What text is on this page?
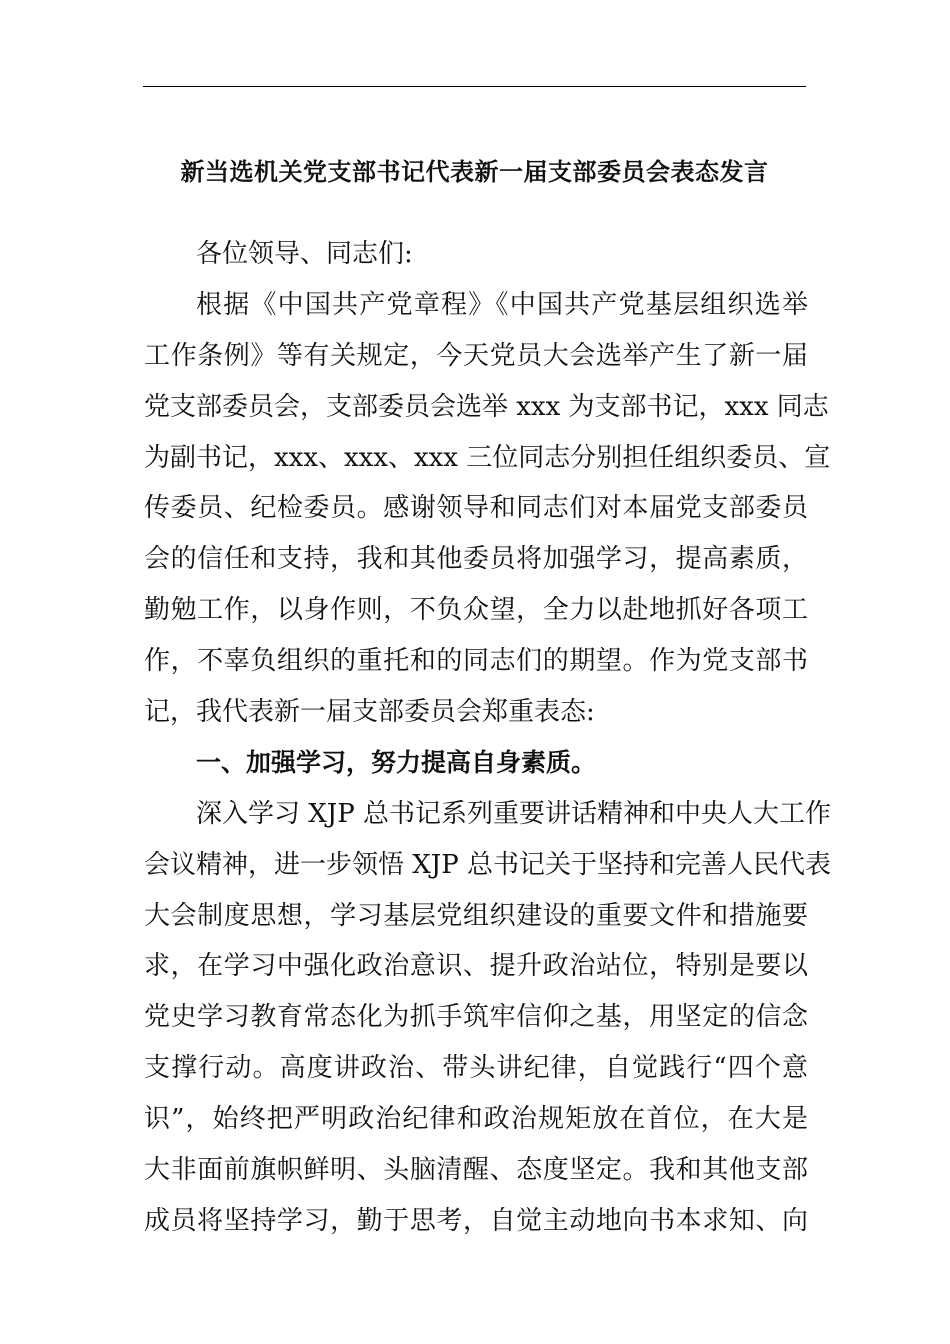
新当选机关党支部书记代表新一届支部委员会表态发言
各位领导、同志们:
根据《中国共产党章程》《中国共产党基层组织选举
工作条例》等有关规定，今天党员大会选举产生了新一届
党支部委员会，支部委员会选举 xxx 为支部书记，xxx 同志
为副书记，xxx、xxx、xxx 三位同志分别担任组织委员、宣
传委员、纪检委员。感谢领导和同志们对本届党支部委员
会的信任和支持，我和其他委员将加强学习，提高素质，
勤勉工作，以身作则，不负众望，全力以赴地抓好各项工
作，不辜负组织的重托和的同志们的期望。作为党支部书
记，我代表新一届支部委员会郑重表态:
一、加强学习，努力提高自身素质。
深入学习 XJP 总书记系列重要讲话精神和中央人大工作
会议精神，进一步领悟 XJP 总书记关于坚持和完善人民代表
大会制度思想，学习基层党组织建设的重要文件和措施要
求，在学习中强化政治意识、提升政治站位，特别是要以
党史学习教育常态化为抓手筑牢信仰之基，用坚定的信念
支撑行动。高度讲政治、带头讲纪律，自觉践行“四个意
识”，始终把严明政治纪律和政治规矩放在首位，在大是
大非面前旗帜鲜明、头脑清醒、态度坚定。我和其他支部
成员将坚持学习，勤于思考，自觉主动地向书本求知、向
